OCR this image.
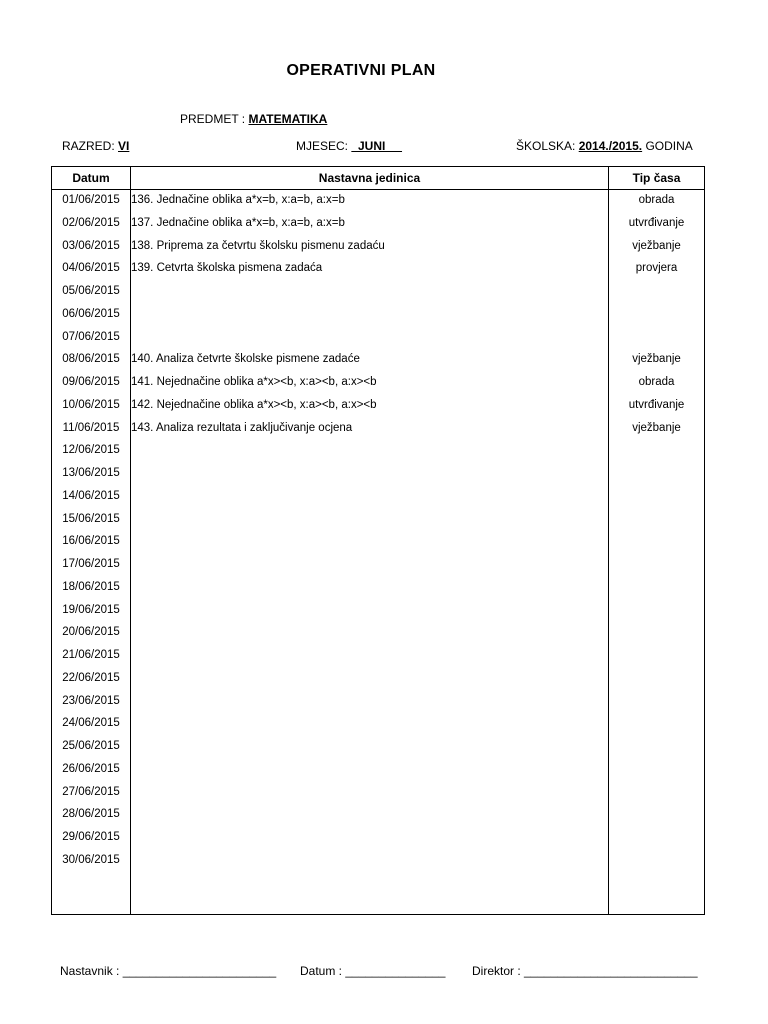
OPERATIVNI PLAN
PREDMET : MATEMATIKA
RAZRED: VI	MJESEC:   JUNI	ŠKOLSKA: 2014./2015. GODINA
Datum	Nastavna jedinica	Tip časa
01/06/2015 136. Jednačine oblika a*x=b, x:a=b, a:x=b	obrada
02/06/2015 137. Jednačine oblika a*x=b, x:a=b, a:x=b	utvrđivanje
03/06/2015 138. Priprema za četvrtu školsku pismenu zadaću	vježbanje
04/06/2015 139. Četvrta školska pismena zadaća	provjera
05/06/2015
06/06/2015
07/06/2015
08/06/2015 140. Analiza četvrte školske pismene zadaće	vježbanje
09/06/2015 141. Nejednačine oblika a*x><b, x:a><b, a:x><b	obrada
10/06/2015 142. Nejednačine oblika a*x><b, x:a><b, a:x><b	utvrđivanje
11/06/2015	143. Analiza rezultata i zaključivanje ocjena	vježbanje
12/06/2015
13/06/2015
14/06/2015
15/06/2015
16/06/2015
17/06/2015
18/06/2015
19/06/2015
20/06/2015
21/06/2015
22/06/2015
23/06/2015
24/06/2015
25/06/2015
26/06/2015
27/06/2015
28/06/2015
29/06/2015
30/06/2015
Nastavnik : _______________________ Datum : _______________ Direktor : __________________________
